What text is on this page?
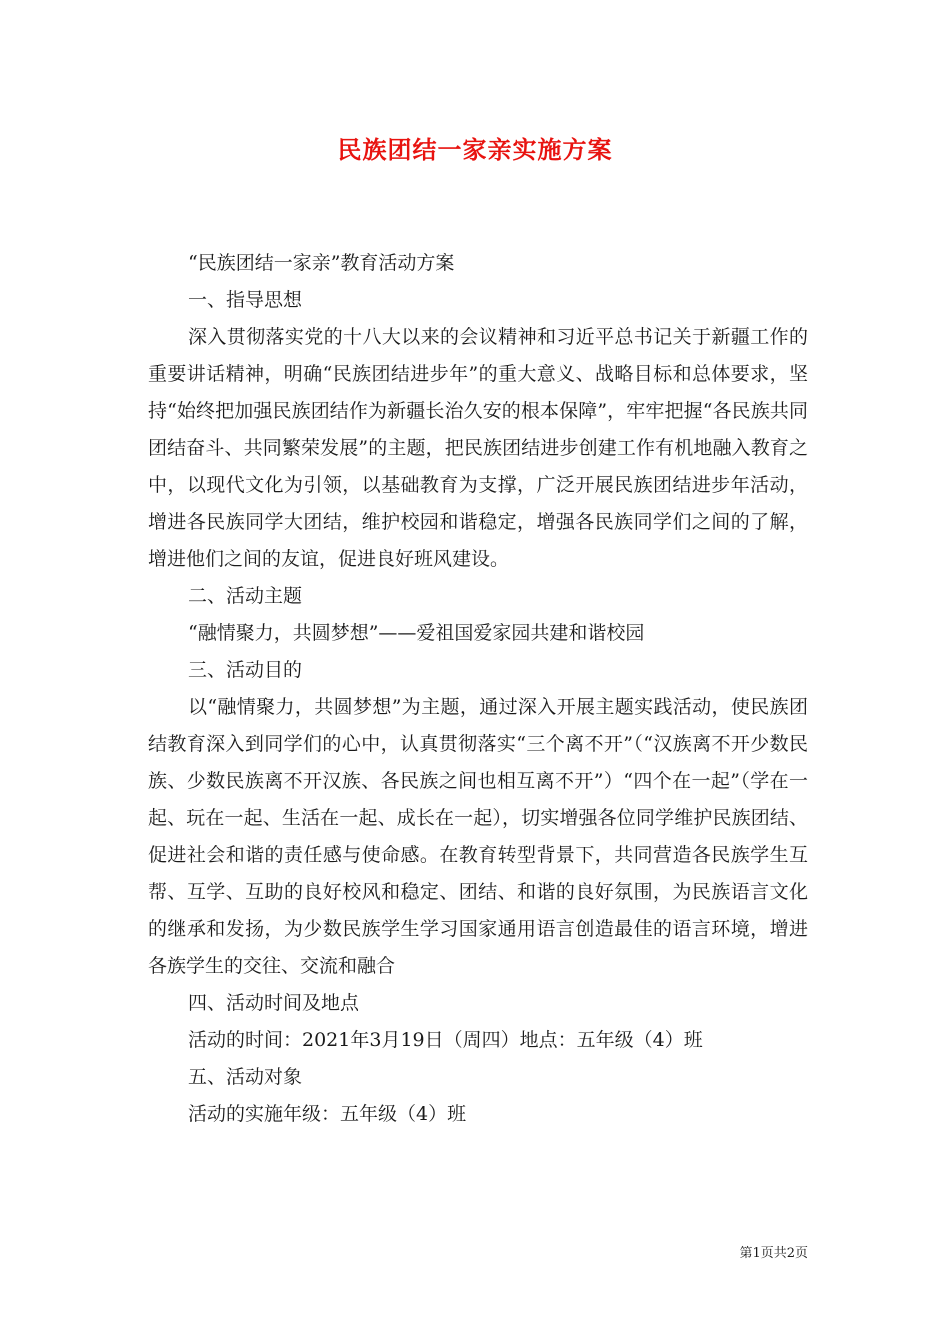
民族团结一家亲实施方案

“民族团结一家亲”教育活动方案

一、指导思想

深入贯彻落实党的十八大以来的会议精神和习近平总书记关于新疆工作的重要讲话精神，明确“民族团结进步年”的重大意义、战略目标和总体要求，坚持“始终把加强民族团结作为新疆长治久安的根本保障”，牢牢把握“各民族共同团结奋斗、共同繁荣发展”的主题，把民族团结进步创建工作有机地融入教育之中，以现代文化为引领，以基础教育为支撑，广泛开展民族团结进步年活动，增进各民族同学大团结，维护校园和谐稳定，增强各民族同学们之间的了解，增进他们之间的友谊，促进良好班风建设。

二、活动主题

“融情聚力，共圆梦想”——爱祖国爱家园共建和谐校园

三、活动目的

以“融情聚力，共圆梦想”为主题，通过深入开展主题实践活动，使民族团结教育深入到同学们的心中，认真贯彻落实“三个离不开”（“汉族离不开少数民族、少数民族离不开汉族、各民族之间也相互离不开”）“四个在一起”（学在一起、玩在一起、生活在一起、成长在一起），切实增强各位同学维护民族团结、促进社会和谐的责任感与使命感。在教育转型背景下，共同营造各民族学生互帮、互学、互助的良好校风和稳定、团结、和谐的良好氛围，为民族语言文化的继承和发扬，为少数民族学生学习国家通用语言创造最佳的语言环境，增进各族学生的交往、交流和融合

四、活动时间及地点

活动的时间：2021年3月19日（周四）地点：五年级（4）班

五、活动对象

活动的实施年级：五年级（4）班

第1页共2页
